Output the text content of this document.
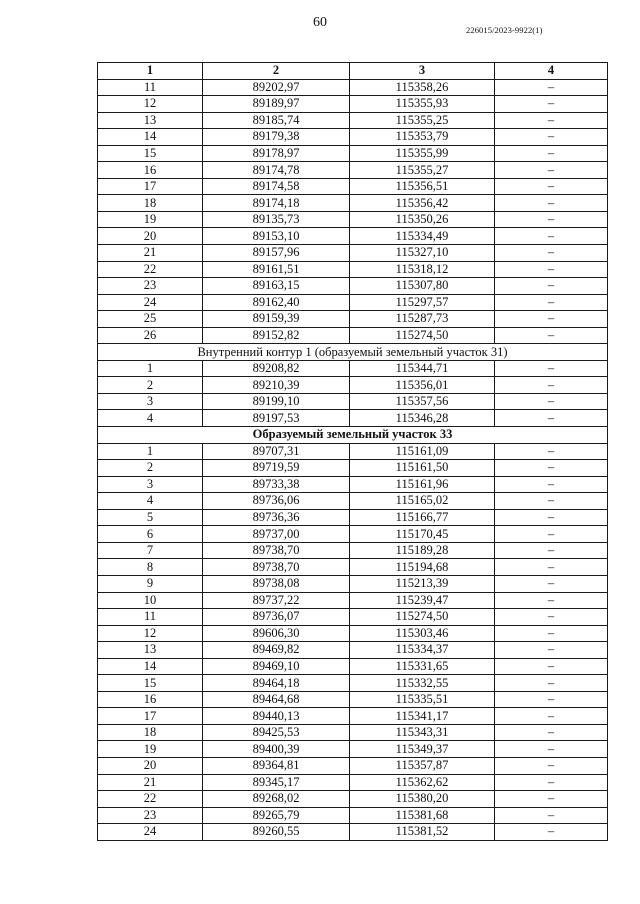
60	226015/2023-9922(1)
1	2	3	4
11	89202,97	115358,26	–
12	89189,97	115355,93	–
13	89185,74	115355,25	–
14	89179,38	115353,79	–
15	89178,97	115355,99	–
16	89174,78	115355,27	–
17	89174,58	115356,51	–
18	89174,18	115356,42	–
19	89135,73	115350,26	–
20	89153,10	115334,49	–
21	89157,96	115327,10	–
22	89161,51	115318,12	–
23	89163,15	115307,80	–
24	89162,40	115297,57	–
25	89159,39	115287,73	–
26	89152,82	115274,50	–
Внутренний контур 1 (образуемый земельный участок 31)			
1	89208,82	115344,71	–
2	89210,39	115356,01	–
3	89199,10	115357,56	–
4	89197,53	115346,28	–
Образуемый земельный участок 33			
1	89707,31	115161,09	–
2	89719,59	115161,50	–
3	89733,38	115161,96	–
4	89736,06	115165,02	–
5	89736,36	115166,77	–
6	89737,00	115170,45	–
7	89738,70	115189,28	–
8	89738,70	115194,68	–
9	89738,08	115213,39	–
10	89737,22	115239,47	–
11	89736,07	115274,50	–
12	89606,30	115303,46	–
13	89469,82	115334,37	–
14	89469,10	115331,65	–
15	89464,18	115332,55	–
16	89464,68	115335,51	–
17	89440,13	115341,17	–
18	89425,53	115343,31	–
19	89400,39	115349,37	–
20	89364,81	115357,87	–
21	89345,17	115362,62	–
22	89268,02	115380,20	–
23	89265,79	115381,68	–
24	89260,55	115381,52	–
